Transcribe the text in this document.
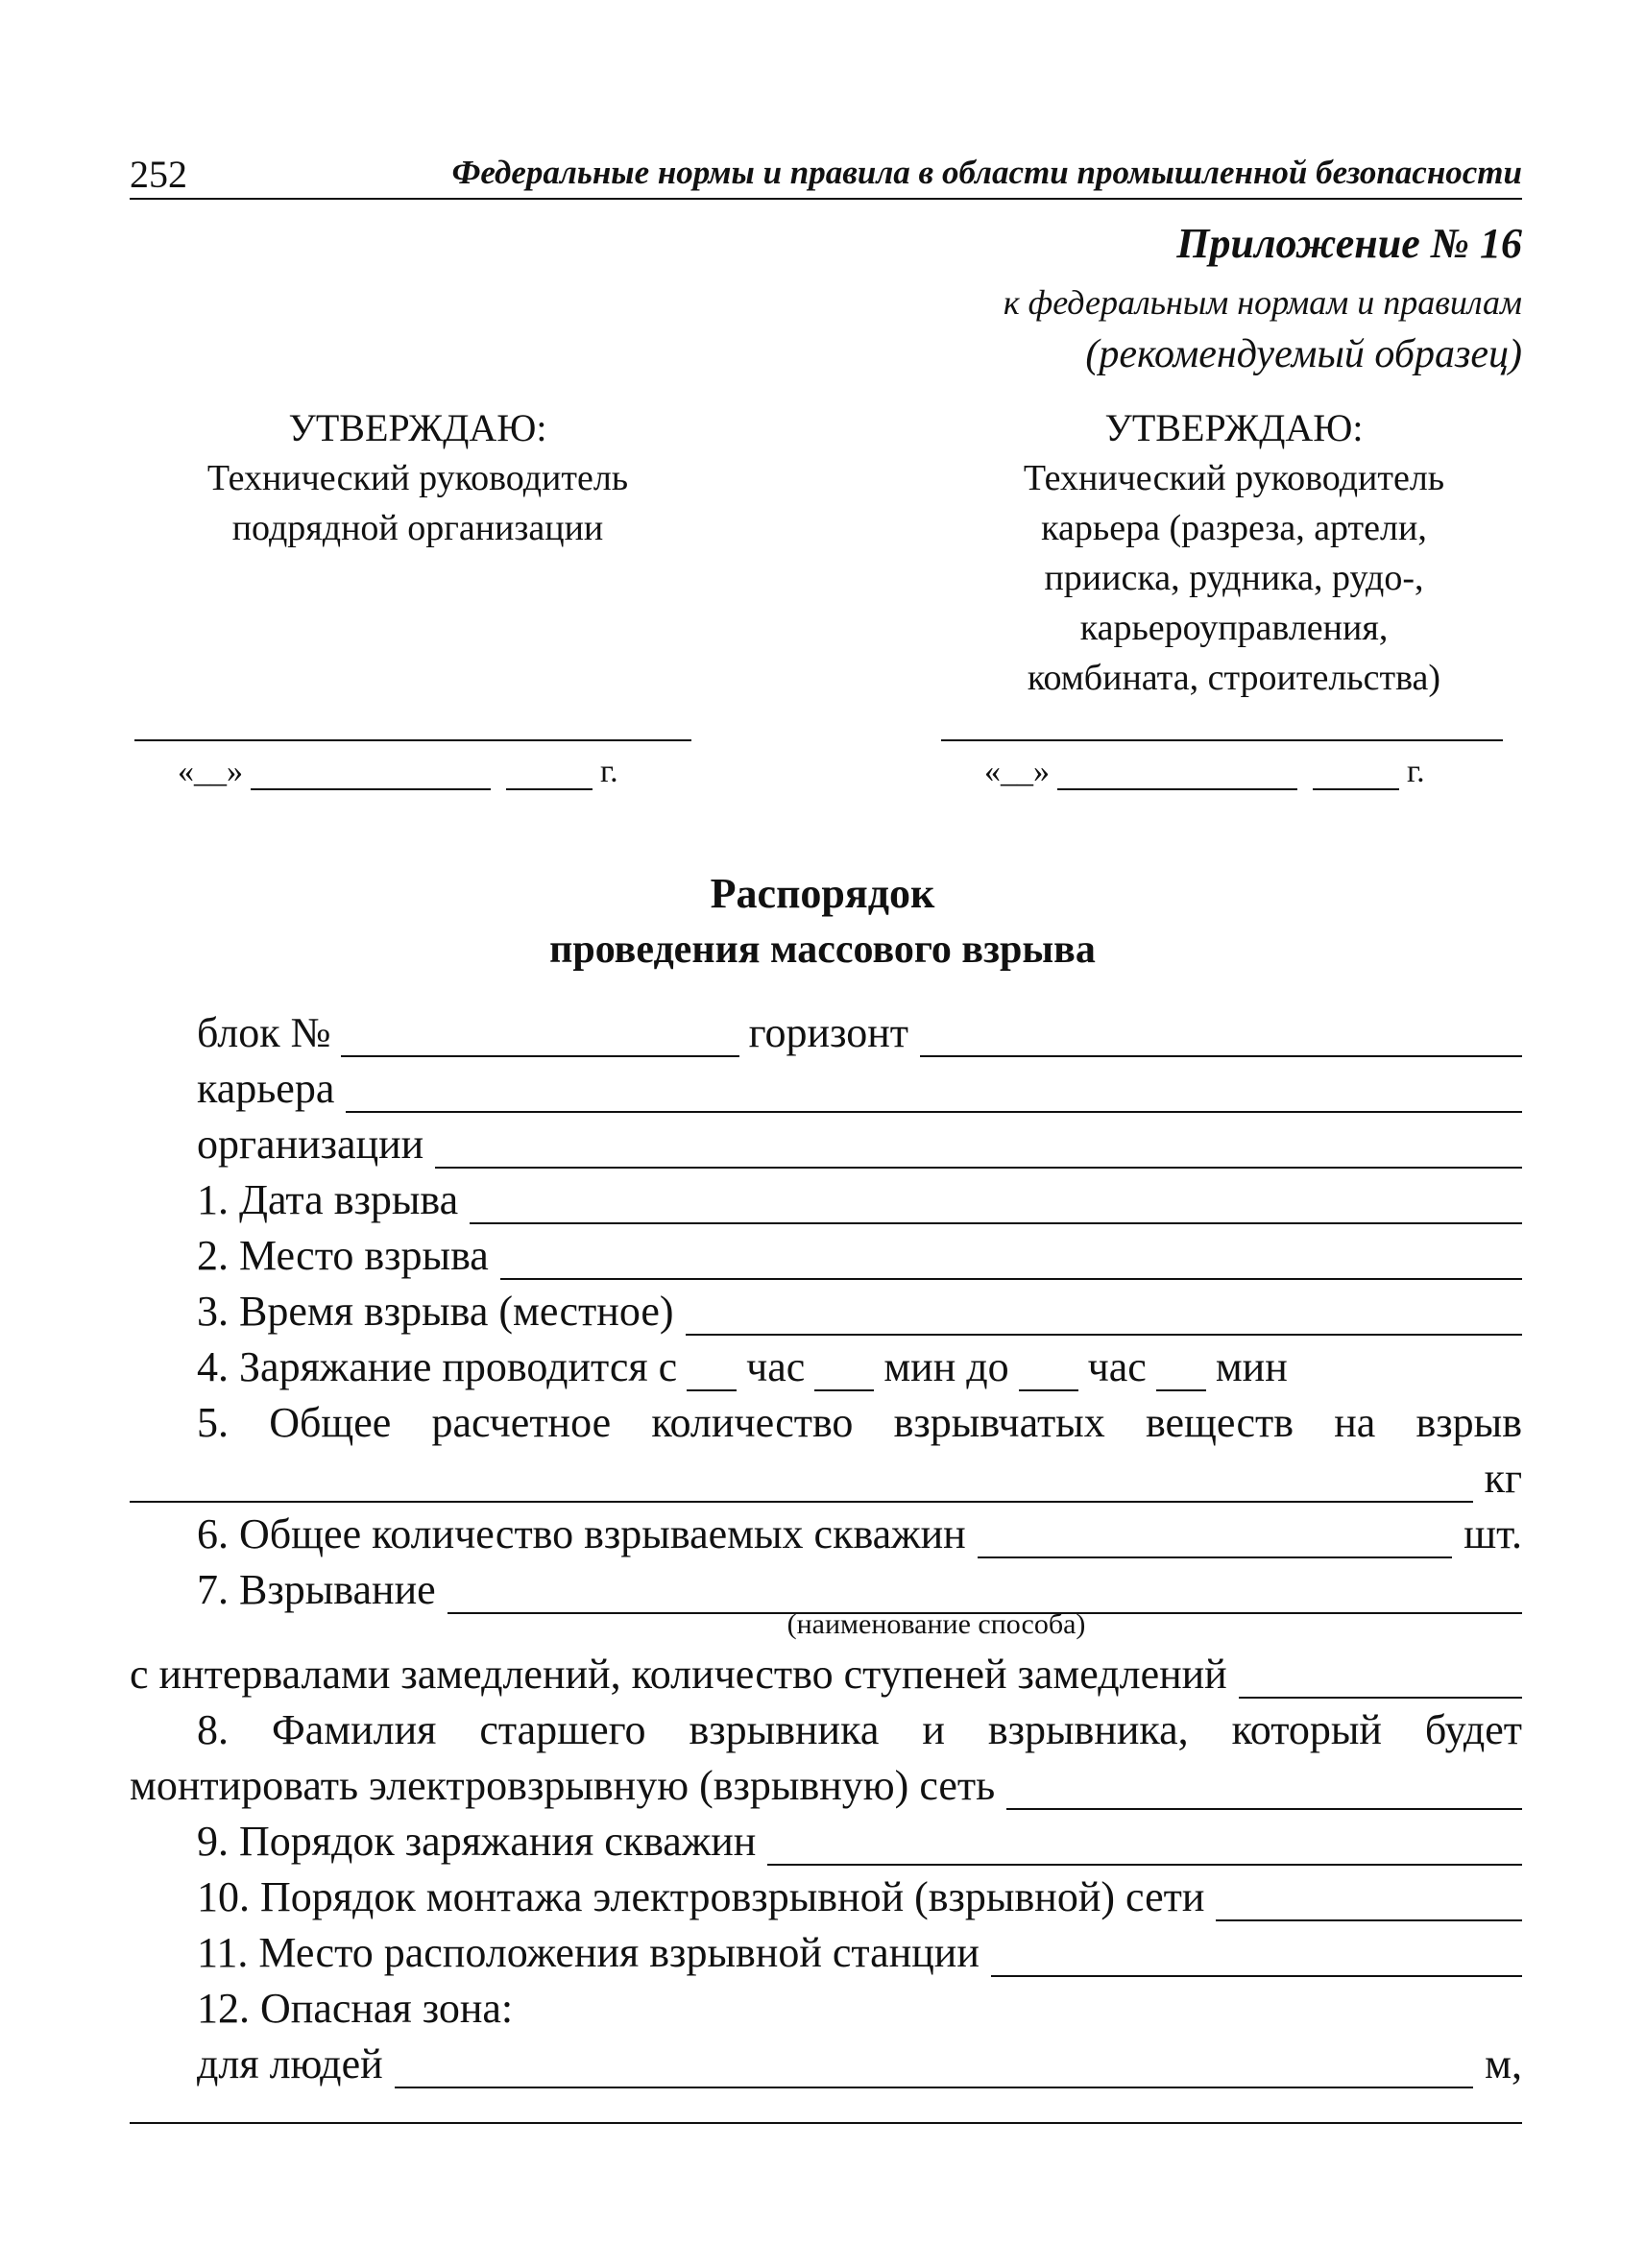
252	Федеральные нормы и правила в области промышленной безопасности
Приложение № 16
к федеральным нормам и правилам
(рекомендуемый образец)
УТВЕРЖДАЮ:
Технический руководитель
подрядной организации
УТВЕРЖДАЮ:
Технический руководитель
карьера (разреза, артели,
прииска, рудника, рудо-,
карьероуправления,
комбината, строительства)
«__»	г.	«__»	г.
Распорядок
проведения массового взрыва
блок №	горизонт
карьера
организации
1. Дата взрыва
2. Место взрыва
3. Время взрыва (местное)
4. Заряжание проводится с час мин до час мин
5. Общее расчетное количество взрывчатых веществ на взрыв
кг
6. Общее количество взрываемых скважин	шт.
7. Взрывание
(наименование способа)
с интервалами замедлений, количество ступеней замедлений
8. Фамилия старшего взрывника и взрывника, который будет
монтировать электровзрывную (взрывную) сеть
9. Порядок заряжания скважин
10. Порядок монтажа электровзрывной (взрывной) сети
11. Место расположения взрывной станции
12. Опасная зона:
для людей	м,
